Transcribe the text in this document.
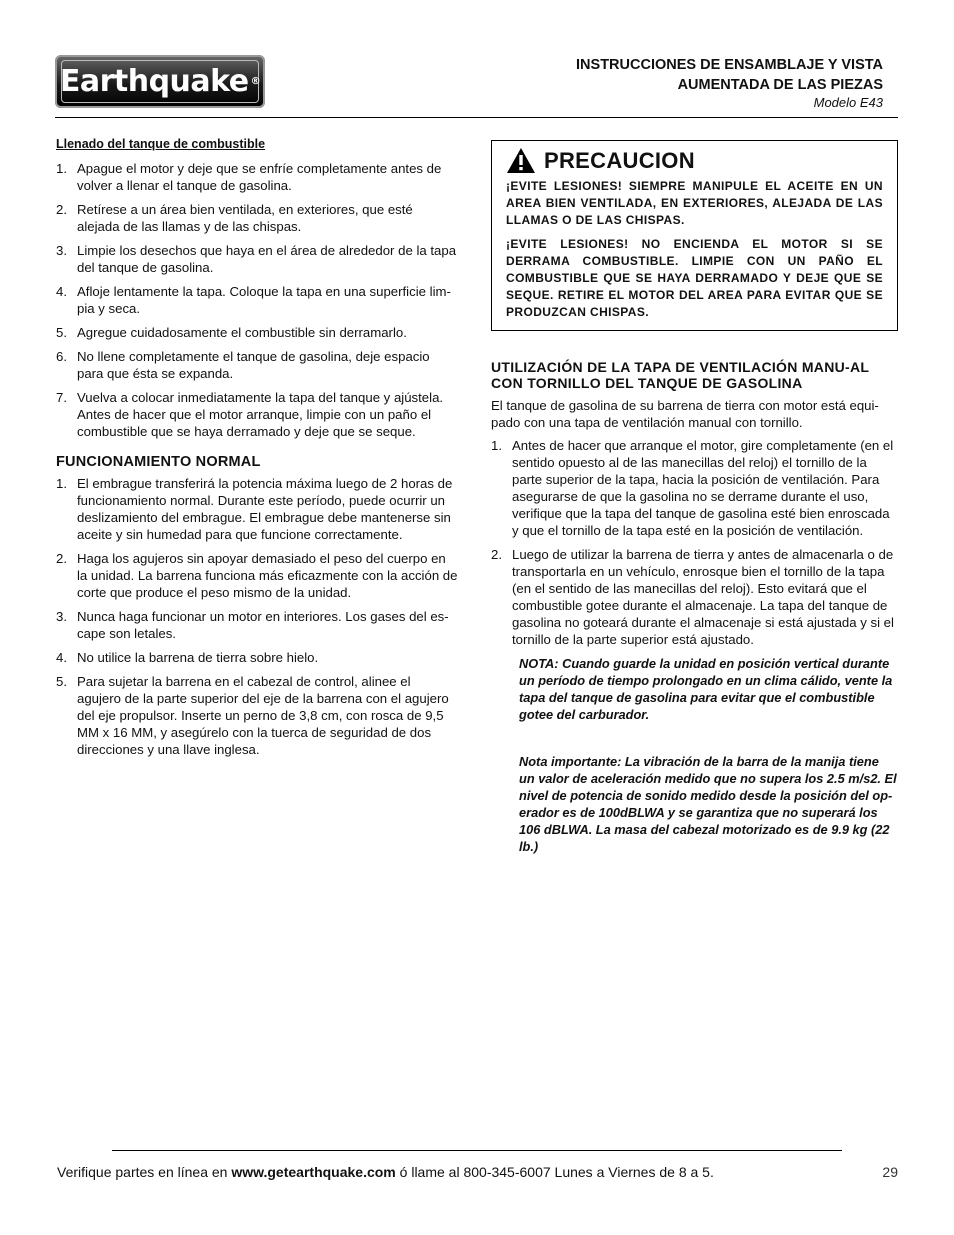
Earthquake ®
INSTRUCCIONES DE ENSAMBLAJE Y VISTA
AUMENTADA DE LAS PIEZAS
Modelo E43
Llenado del tanque de combustible
1. Apague el motor y deje que se enfríe completamente antes de volver a llenar el tanque de gasolina.
2. Retírese a un área bien ventilada, en exteriores, que esté alejada de las llamas y de las chispas.
3. Limpie los desechos que haya en el área de alrededor de la tapa del tanque de gasolina.
4. Afloje lentamente la tapa. Coloque la tapa en una superficie lim-pia y seca.
5. Agregue cuidadosamente el combustible sin derramarlo.
6. No llene completamente el tanque de gasolina, deje espacio para que ésta se expanda.
7. Vuelva a colocar inmediatamente la tapa del tanque y ajústela. Antes de hacer que el motor arranque, limpie con un paño el combustible que se haya derramado y deje que se seque.
FUNCIONAMIENTO NORMAL
1. El embrague transferirá la potencia máxima luego de 2 horas de funcionamiento normal. Durante este período, puede ocurrir un deslizamiento del embrague. El embrague debe mantenerse sin aceite y sin humedad para que funcione correctamente.
2. Haga los agujeros sin apoyar demasiado el peso del cuerpo en la unidad. La barrena funciona más eficazmente con la acción de corte que produce el peso mismo de la unidad.
3. Nunca haga funcionar un motor en interiores. Los gases del es-cape son letales.
4. No utilice la barrena de tierra sobre hielo.
5. Para sujetar la barrena en el cabezal de control, alinee el agujero de la parte superior del eje de la barrena con el agujero del eje propulsor. Inserte un perno de 3,8 cm, con rosca de 9,5 MM x 16 MM, y asegúrelo con la tuerca de seguridad de dos direcciones y una llave inglesa.
PRECAUCION

¡EVITE LESIONES! SIEMPRE MANIPULE EL ACEITE EN UN AREA BIEN VENTILADA, EN EXTERIORES, ALEJADA DE LAS LLAMAS O DE LAS CHISPAS.

¡EVITE LESIONES! NO ENCIENDA EL MOTOR SI SE DERRAMA COMBUSTIBLE. LIMPIE CON UN PAÑO EL COMBUSTIBLE QUE SE HAYA DERRAMADO Y DEJE QUE SE SEQUE. RETIRE EL MOTOR DEL AREA PARA EVITAR QUE SE PRODUZCAN CHISPAS.

UTILIZACIÓN DE LA TAPA DE VENTILACIÓN MANU-AL CON TORNILLO DEL TANQUE DE GASOLINA

El tanque de gasolina de su barrena de tierra con motor está equi-pado con una tapa de ventilación manual con tornillo.

1. Antes de hacer que arranque el motor, gire completamente (en el sentido opuesto al de las manecillas del reloj) el tornillo de la parte superior de la tapa, hacia la posición de ventilación. Para asegurarse de que la gasolina no se derrame durante el uso, verifique que la tapa del tanque de gasolina esté bien enroscada y que el tornillo de la tapa esté en la posición de ventilación.
2. Luego de utilizar la barrena de tierra y antes de almacenarla o de transportarla en un vehículo, enrosque bien el tornillo de la tapa (en el sentido de las manecillas del reloj). Esto evitará que el combustible gotee durante el almacenaje. La tapa del tanque de gasolina no goteará durante el almacenaje si está ajustada y si el tornillo de la parte superior está ajustado.

NOTA: Cuando guarde la unidad en posición vertical durante un período de tiempo prolongado en un clima cálido, vente la tapa del tanque de gasolina para evitar que el combustible gotee del carburador.

Nota importante: La vibración de la barra de la manija tiene un valor de aceleración medido que no supera los 2.5 m/s2. El nivel de potencia de sonido medido desde la posición del op-erador es de 100dBLWA y se garantiza que no superará los 106 dBLWA. La masa del cabezal motorizado es de 9.9 kg (22 lb.)

Verifique partes en línea en www.getearthquake.com ó llame al 800-345-6007 Lunes a Viernes de 8 a 5.	29
